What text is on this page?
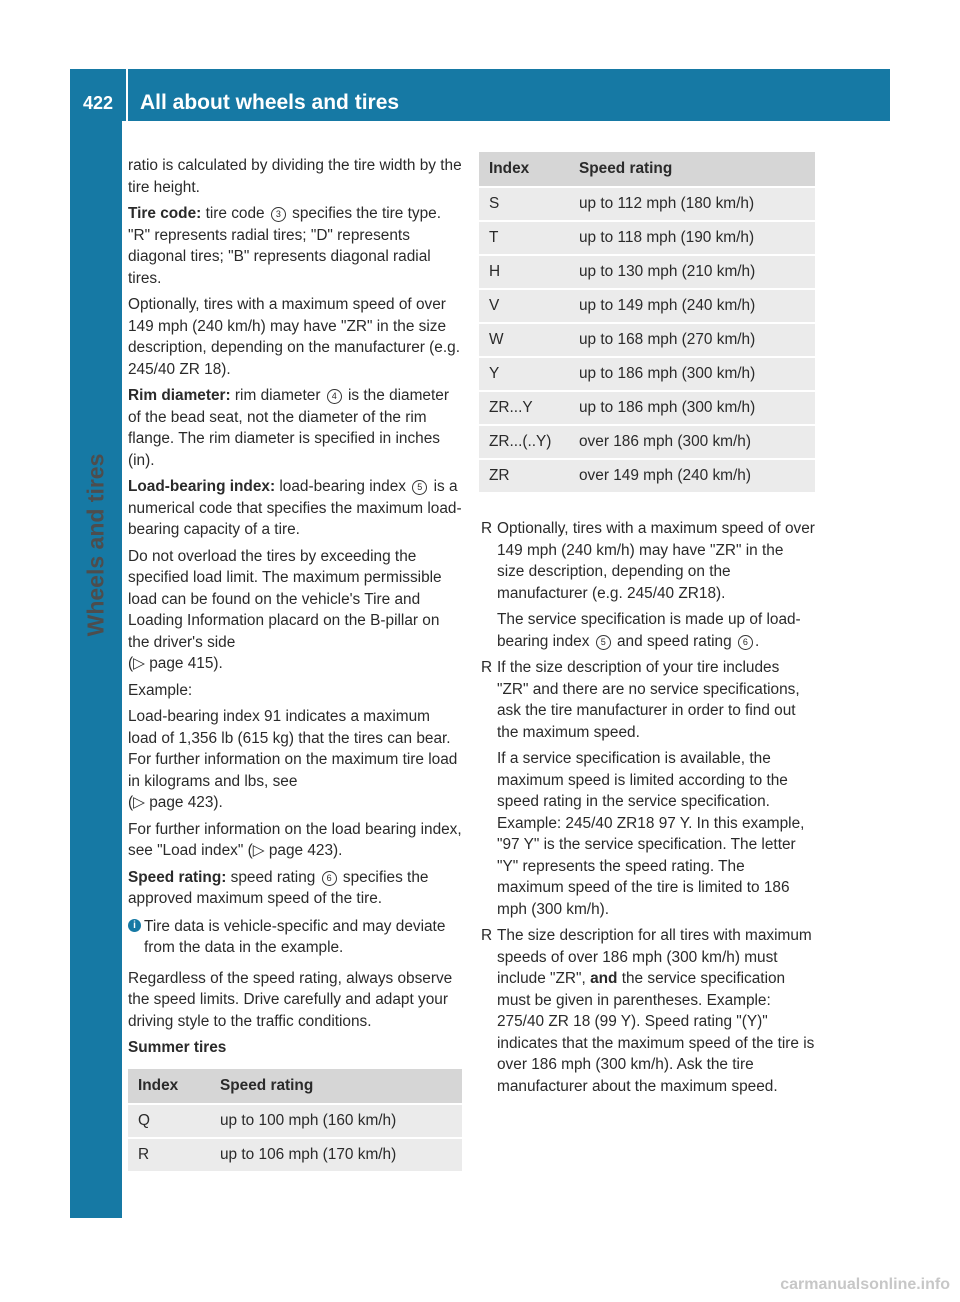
422	All about wheels and tires
Wheels and tires

ratio is calculated by dividing the tire width by the tire height.

Tire code: tire code 3 specifies the tire type. "R" represents radial tires; "D" represents diagonal tires; "B" represents diagonal radial tires.

Optionally, tires with a maximum speed of over 149 mph (240 km/h) may have "ZR" in the size description, depending on the manufacturer (e.g. 245/40 ZR 18).

Rim diameter: rim diameter 4 is the diameter of the bead seat, not the diameter of the rim flange. The rim diameter is specified in inches (in).

Load-bearing index: load-bearing index 5 is a numerical code that specifies the maximum load-bearing capacity of a tire.

Do not overload the tires by exceeding the specified load limit. The maximum permissible load can be found on the vehicle's Tire and Loading Information placard on the B-pillar on the driver's side
(▷ page 415).

Example:

Load-bearing index 91 indicates a maximum load of 1,356 lb (615 kg) that the tires can bear. For further information on the maximum tire load in kilograms and lbs, see
(▷ page 423).

For further information on the load bearing index, see "Load index" (▷ page 423).

Speed rating: speed rating 6 specifies the approved maximum speed of the tire.

i Tire data is vehicle-specific and may deviate from the data in the example.

Regardless of the speed rating, always observe the speed limits. Drive carefully and adapt your driving style to the traffic conditions.

Summer tires

Index	Speed rating
Q	up to 100 mph (160 km/h)
R	up to 106 mph (170 km/h)
Index	Speed rating
S	up to 112 mph (180 km/h)
T	up to 118 mph (190 km/h)
H	up to 130 mph (210 km/h)
V	up to 149 mph (240 km/h)
W	up to 168 mph (270 km/h)
Y	up to 186 mph (300 km/h)
ZR...Y	up to 186 mph (300 km/h)
ZR...(..Y)	over 186 mph (300 km/h)
ZR	over 149 mph (240 km/h)
R Optionally, tires with a maximum speed of over 149 mph (240 km/h) may have "ZR" in the size description, depending on the manufacturer (e.g. 245/40 ZR18).

The service specification is made up of load-bearing index 5 and speed rating 6 .

R If the size description of your tire includes "ZR" and there are no service specifications, ask the tire manufacturer in order to find out the maximum speed.

If a service specification is available, the maximum speed is limited according to the speed rating in the service specification. Example: 245/40 ZR18 97 Y. In this example, "97 Y" is the service specification. The letter "Y" represents the speed rating. The maximum speed of the tire is limited to 186 mph (300 km/h).

R The size description for all tires with maximum speeds of over 186 mph (300 km/h) must include "ZR", and the service specification must be given in parentheses. Example: 275/40 ZR 18 (99 Y). Speed rating "(Y)" indicates that the maximum speed of the tire is over 186 mph (300 km/h). Ask the tire manufacturer about the maximum speed.
carmanualsonline.info
